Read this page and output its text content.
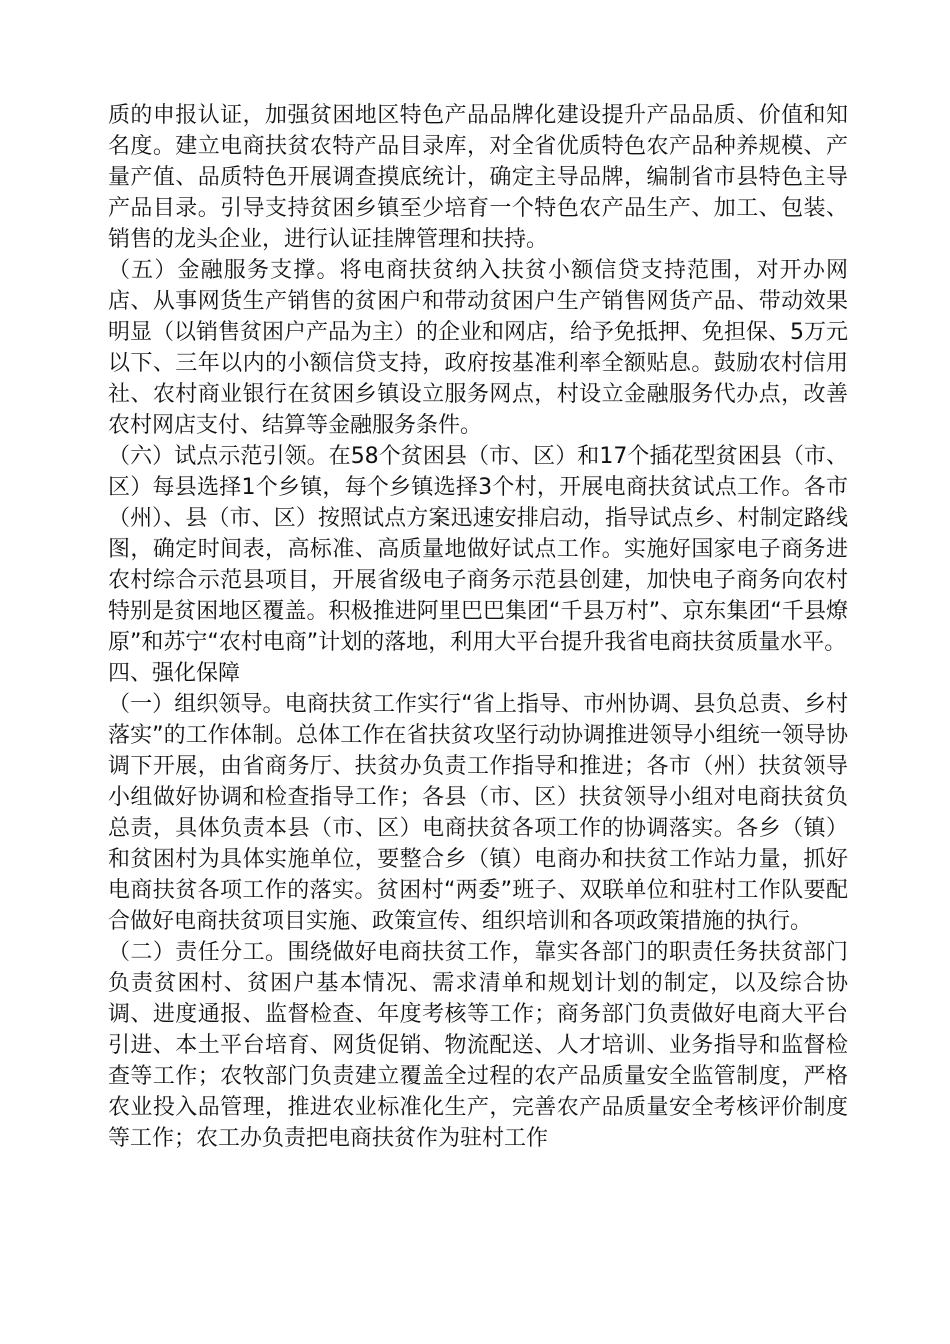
质的申报认证，加强贫困地区特色产品品牌化建设提升产品品质、价值和知名度。建立电商扶贫农特产品目录库，对全省优质特色农产品种养规模、产量产值、品质特色开展调查摸底统计，确定主导品牌，编制省市县特色主导产品目录。引导支持贫困乡镇至少培育一个特色农产品生产、加工、包装、销售的龙头企业，进行认证挂牌管理和扶持。

（五）金融服务支撑。将电商扶贫纳入扶贫小额信贷支持范围，对开办网店、从事网货生产销售的贫困户和带动贫困户生产销售网货产品、带动效果明显（以销售贫困户产品为主）的企业和网店，给予免抵押、免担保、5万元以下、三年以内的小额信贷支持，政府按基准利率全额贴息。鼓励农村信用社、农村商业银行在贫困乡镇设立服务网点，村设立金融服务代办点，改善农村网店支付、结算等金融服务条件。

（六）试点示范引领。在58个贫困县（市、区）和17个插花型贫困县（市、区）每县选择1个乡镇，每个乡镇选择3个村，开展电商扶贫试点工作。各市（州）、县（市、区）按照试点方案迅速安排启动，指导试点乡、村制定路线图，确定时间表，高标准、高质量地做好试点工作。实施好国家电子商务进农村综合示范县项目，开展省级电子商务示范县创建，加快电子商务向农村特别是贫困地区覆盖。积极推进阿里巴巴集团“千县万村”、京东集团“千县燎原”和苏宁“农村电商”计划的落地，利用大平台提升我省电商扶贫质量水平。

四、强化保障

（一）组织领导。电商扶贫工作实行“省上指导、市州协调、县负总责、乡村落实”的工作体制。总体工作在省扶贫攻坚行动协调推进领导小组统一领导协调下开展，由省商务厅、扶贫办负责工作指导和推进；各市（州）扶贫领导小组做好协调和检查指导工作；各县（市、区）扶贫领导小组对电商扶贫负总责，具体负责本县（市、区）电商扶贫各项工作的协调落实。各乡（镇）和贫困村为具体实施单位，要整合乡（镇）电商办和扶贫工作站力量，抓好电商扶贫各项工作的落实。贫困村“两委”班子、双联单位和驻村工作队要配合做好电商扶贫项目实施、政策宣传、组织培训和各项政策措施的执行。

（二）责任分工。围绕做好电商扶贫工作，靠实各部门的职责任务扶贫部门负责贫困村、贫困户基本情况、需求清单和规划计划的制定，以及综合协调、进度通报、监督检查、年度考核等工作；商务部门负责做好电商大平台引进、本土平台培育、网货促销、物流配送、人才培训、业务指导和监督检查等工作；农牧部门负责建立覆盖全过程的农产品质量安全监管制度，严格农业投入品管理，推进农业标准化生产，完善农产品质量安全考核评价制度等工作；农工办负责把电商扶贫作为驻村工作
